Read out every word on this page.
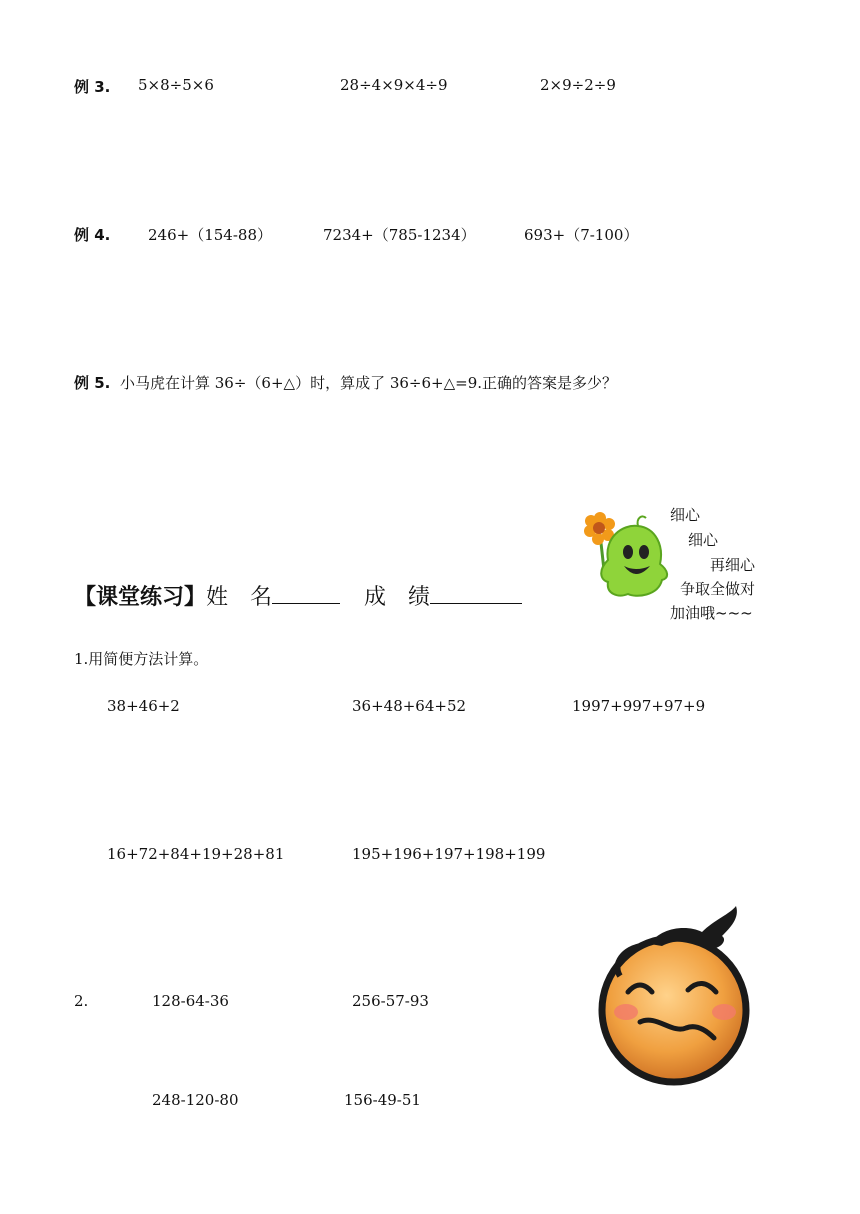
例 3. 5×8÷5×6	28÷4×9×4÷9	2×9÷2÷9
例 4.	246+（154-88）	7234+（785-1234）	693+（7-100）
例 5. 小马虎在计算 36÷（6+△）时，算成了 36÷6+△=9.正确的答案是多少？
【课堂练习】姓　名	成　绩
细心
细心
再细心
争取全做对
加油哦~~~
1.用简便方法计算。
38+46+2	36+48+64+52	1997+997+97+9
16+72+84+19+28+81	195+196+197+198+199
2.	128-64-36	256-57-93
248-120-80	156-49-51
